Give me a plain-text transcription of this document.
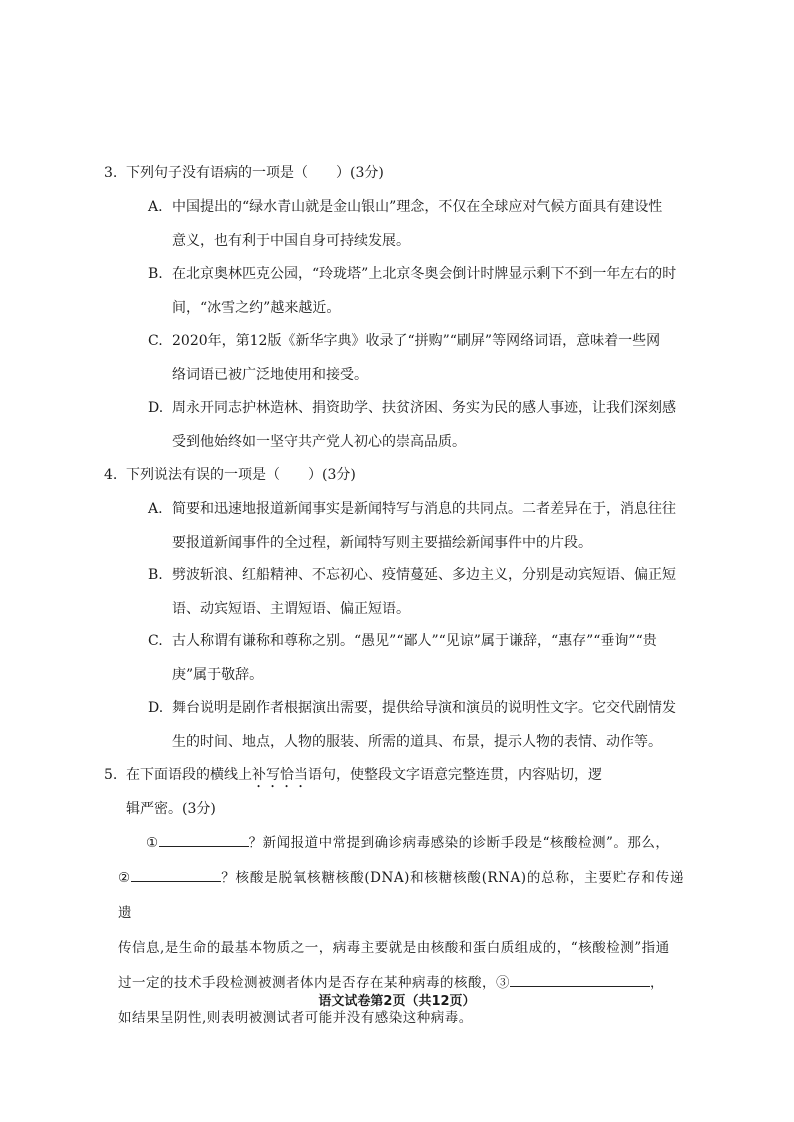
3. 下列句子没有语病的一项是（　　）(3分)
A. 中国提出的“绿水青山就是金山银山”理念，不仅在全球应对气候方面具有建设性
意义，也有利于中国自身可持续发展。
B. 在北京奥林匹克公园，“玲珑塔”上北京冬奥会倒计时牌显示剩下不到一年左右的时
间，“冰雪之约”越来越近。
C. 2020年，第12版《新华字典》收录了“拼购”“刷屏”等网络词语，意味着一些网
络词语已被广泛地使用和接受。
D. 周永开同志护林造林、捐资助学、扶贫济困、务实为民的感人事迹，让我们深刻感
受到他始终如一坚守共产党人初心的崇高品质。
4. 下列说法有误的一项是（　　）(3分)
A. 简要和迅速地报道新闻事实是新闻特写与消息的共同点。二者差异在于，消息往往
要报道新闻事件的全过程，新闻特写则主要描绘新闻事件中的片段。
B. 劈波斩浪、红船精神、不忘初心、疫情蔓延、多边主义，分别是动宾短语、偏正短
语、动宾短语、主谓短语、偏正短语。
C. 古人称谓有谦称和尊称之别。“愚见”“鄙人”“见谅”属于谦辞，“惠存”“垂询”“贵
庚”属于敬辞。
D. 舞台说明是剧作者根据演出需要，提供给导演和演员的说明性文字。它交代剧情发
生的时间、地点，人物的服装、所需的道具、布景，提示人物的表情、动作等。
5. 在下面语段的横线上补写恰当语句，使整段文字语意完整连贯，内容贴切，逻
辑严密。(3分)
①	？新闻报道中常提到确诊病毒感染的诊断手段是“核酸检测”。那么，
②	？核酸是脱氧核糖核酸(DNA)和核糖核酸(RNA)的总称，主要贮存和传递遗
传信息,是生命的最基本物质之一，病毒主要就是由核酸和蛋白质组成的，“核酸检测”指通
过一定的技术手段检测被测者体内是否存在某种病毒的核酸，③	，
如结果呈阴性,则表明被测试者可能并没有感染这种病毒。
语文试卷第2页（共12页）
